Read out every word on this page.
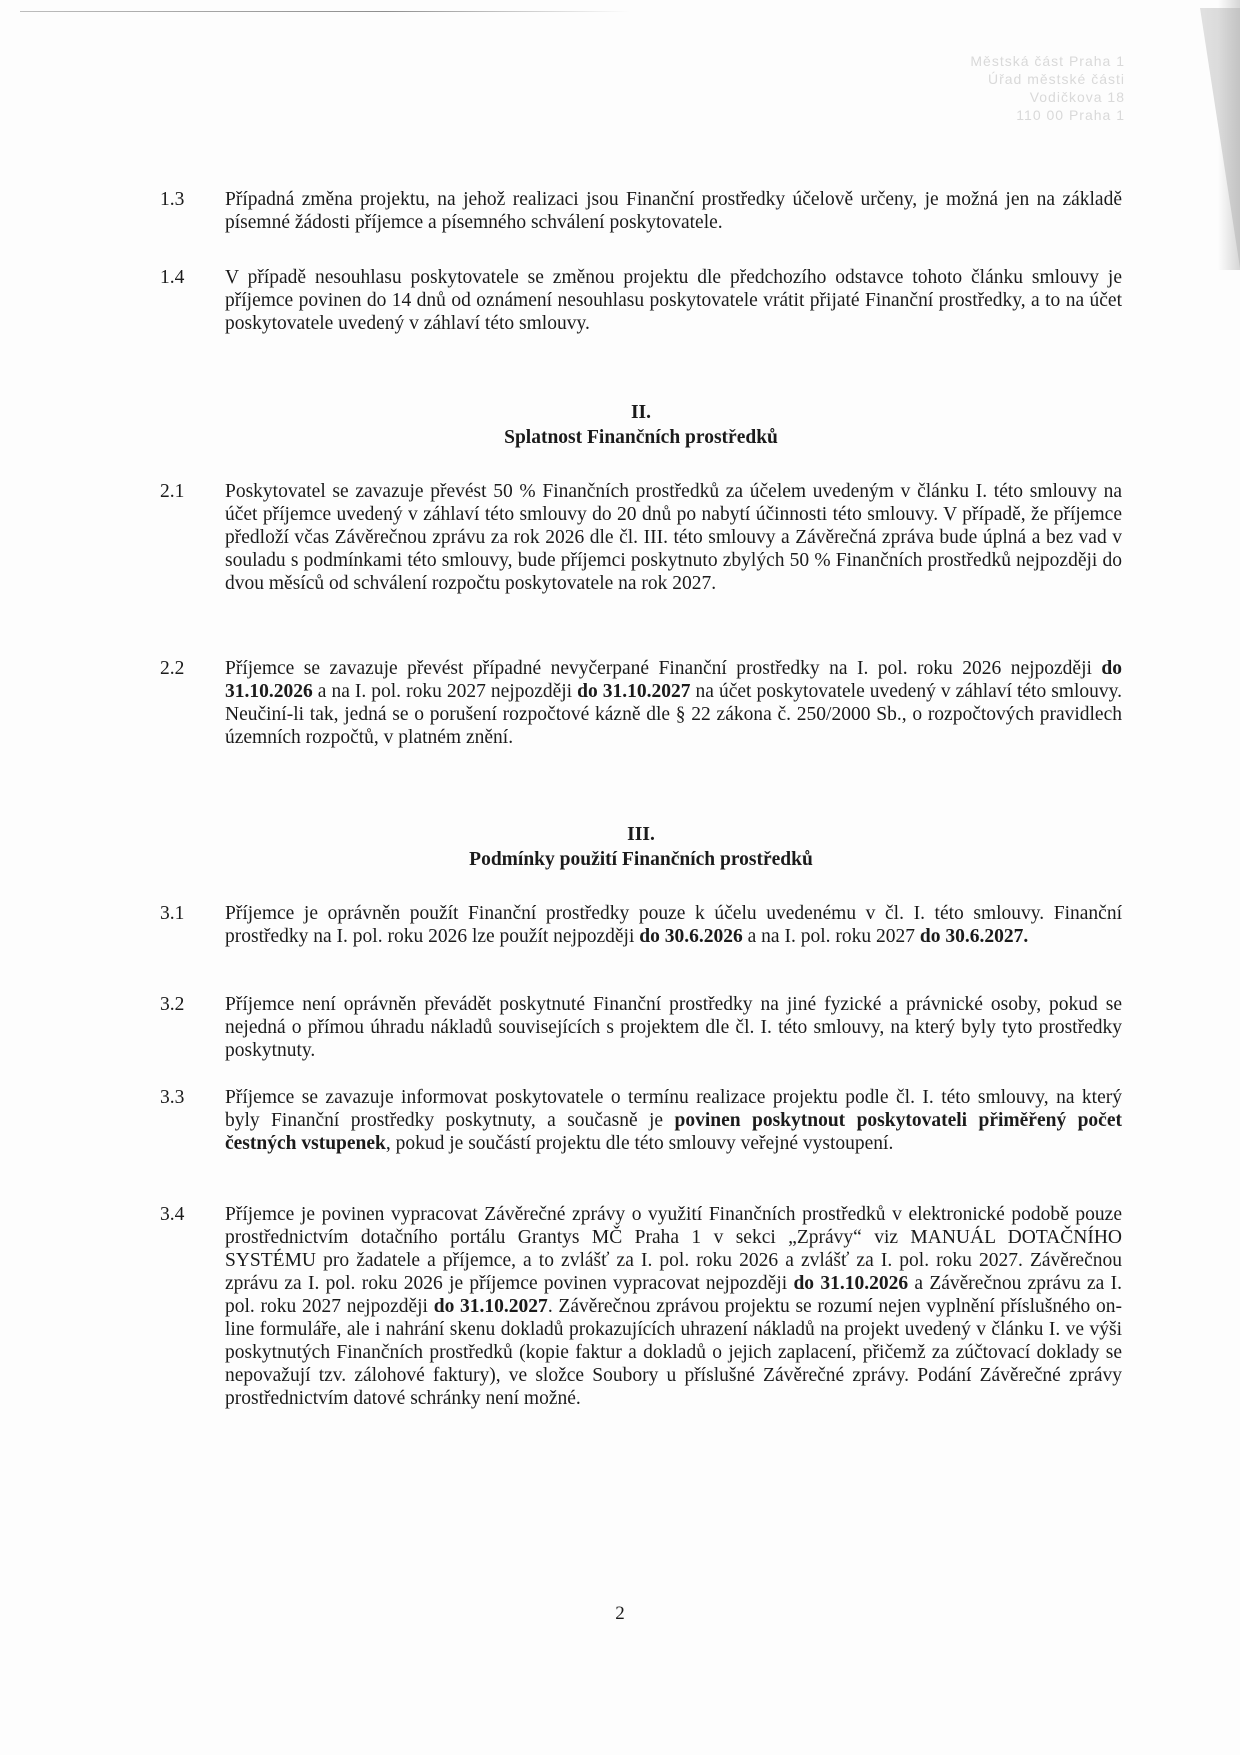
Městská část Praha 1
Úřad městské části
Vodičkova 18
110 00 Praha 1
1.3 Případná změna projektu, na jehož realizaci jsou Finanční prostředky účelově určeny, je možná jen na základě písemné žádosti příjemce a písemného schválení poskytovatele.
1.4 V případě nesouhlasu poskytovatele se změnou projektu dle předchozího odstavce tohoto článku smlouvy je příjemce povinen do 14 dnů od oznámení nesouhlasu poskytovatele vrátit přijaté Finanční prostředky, a to na účet poskytovatele uvedený v záhlaví této smlouvy.
II.
Splatnost Finančních prostředků
2.1 Poskytovatel se zavazuje převést 50 % Finančních prostředků za účelem uvedeným v článku I. této smlouvy na účet příjemce uvedený v záhlaví této smlouvy do 20 dnů po nabytí účinnosti této smlouvy. V případě, že příjemce předloží včas Závěrečnou zprávu za rok 2026 dle čl. III. této smlouvy a Závěrečná zpráva bude úplná a bez vad v souladu s podmínkami této smlouvy, bude příjemci poskytnuto zbylých 50 % Finančních prostředků nejpozději do dvou měsíců od schválení rozpočtu poskytovatele na rok 2027.
2.2 Příjemce se zavazuje převést případné nevyčerpané Finanční prostředky na I. pol. roku 2026 nejpozději do 31.10.2026 a na I. pol. roku 2027 nejpozději do 31.10.2027 na účet poskytovatele uvedený v záhlaví této smlouvy. Neučiní-li tak, jedná se o porušení rozpočtové kázně dle § 22 zákona č. 250/2000 Sb., o rozpočtových pravidlech územních rozpočtů, v platném znění.
III.
Podmínky použití Finančních prostředků
3.1 Příjemce je oprávněn použít Finanční prostředky pouze k účelu uvedenému v čl. I. této smlouvy. Finanční prostředky na I. pol. roku 2026 lze použít nejpozději do 30.6.2026 a na I. pol. roku 2027 do 30.6.2027.
3.2 Příjemce není oprávněn převádět poskytnuté Finanční prostředky na jiné fyzické a právnické osoby, pokud se nejedná o přímou úhradu nákladů souvisejících s projektem dle čl. I. této smlouvy, na který byly tyto prostředky poskytnuty.
3.3 Příjemce se zavazuje informovat poskytovatele o termínu realizace projektu podle čl. I. této smlouvy, na který byly Finanční prostředky poskytnuty, a současně je povinen poskytnout poskytovateli přiměřený počet čestných vstupenek, pokud je součástí projektu dle této smlouvy veřejné vystoupení.
3.4 Příjemce je povinen vypracovat Závěrečné zprávy o využití Finančních prostředků v elektronické podobě pouze prostřednictvím dotačního portálu Grantys MČ Praha 1 v sekci „Zprávy“ viz MANUÁL DOTAČNÍHO SYSTÉMU pro žadatele a příjemce, a to zvlášť za I. pol. roku 2026 a zvlášť za I. pol. roku 2027. Závěrečnou zprávu za I. pol. roku 2026 je příjemce povinen vypracovat nejpozději do 31.10.2026 a Závěrečnou zprávu za I. pol. roku 2027 nejpozději do 31.10.2027. Závěrečnou zprávou projektu se rozumí nejen vyplnění příslušného on-line formuláře, ale i nahrání skenu dokladů prokazujících uhrazení nákladů na projekt uvedený v článku I. ve výši poskytnutých Finančních prostředků (kopie faktur a dokladů o jejich zaplacení, přičemž za zúčtovací doklady se nepovažují tzv. zálohové faktury), ve složce Soubory u příslušné Závěrečné zprávy. Podání Závěrečné zprávy prostřednictvím datové schránky není možné.
2
